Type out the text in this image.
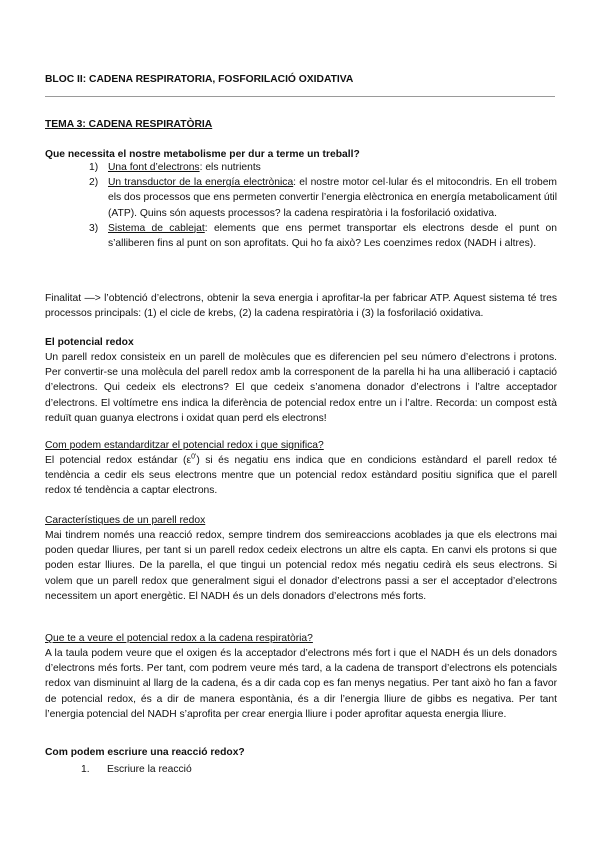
BLOC II: CADENA RESPIRATORIA, FOSFORILACIÓ OXIDATIVA
TEMA 3: CADENA RESPIRATÒRIA
Que necessita el nostre metabolisme per dur a terme un treball?
1) Una font d’electrons: els nutrients
2) Un transductor de la energía electrònica: el nostre motor cel·lular és el mitocondris. En ell trobem els dos processos que ens permeten convertir l’energia elèctronica en energía metabolicament útil (ATP). Quins són aquests processos? la cadena respiratòria i la fosforilació oxidativa.
3) Sistema de cablejat: elements que ens permet transportar els electrons desde el punt on s’alliberen fins al punt on son aprofitats. Qui ho fa això? Les coenzimes redox (NADH i altres).
Finalitat —> l’obtenció d’electrons, obtenir la seva energia i aprofitar-la per fabricar ATP. Aquest sistema té tres processos principals: (1) el cicle de krebs, (2) la cadena respiratòria i (3) la fosforilació oxidativa.
El potencial redox
Un parell redox consisteix en un parell de molècules que es diferencien pel seu número d’electrons i protons. Per convertir-se una molècula del parell redox amb la corresponent de la parella hi ha una alliberació i captació d’electrons. Qui cedeix els electrons? El que cedeix s’anomena donador d’electrons i l’altre acceptador d’electrons. El voltímetre ens indica la diferència de potencial redox entre un i l’altre. Recorda: un compost està reduït quan guanya electrons i oxidat quan perd els electrons!
Com podem estandarditzar el potencial redox i que significa?
El potencial redox estándar $(\varepsilon^{0'})$ si és negatiu ens indica que en condicions estàndard el parell redox té tendència a cedir els seus electrons mentre que un potencial redox estàndard positiu significa que el parell redox té tendència a captar electrons.
Característiques de un parell redox
Mai tindrem només una reacció redox, sempre tindrem dos semireaccions acoblades ja que els electrons mai poden quedar lliures, per tant si un parell redox cedeix electrons un altre els capta. En canvi els protons si que poden estar lliures. De la parella, el que tingui un potencial redox més negatiu cedirà els seus electrons. Si volem que un parell redox que generalment sigui el donador d’electrons passi a ser el acceptador d’electrons necessitem un aport energètic. El NADH és un dels donadors d’electrons més forts.
Que te a veure el potencial redox a la cadena respiratòria?
A la taula podem veure que el oxigen és la acceptador d’electrons més fort i que el NADH és un dels donadors d’electrons més forts. Per tant, com podrem veure més tard, a la cadena de transport d’electrons els potencials redox van disminuint al llarg de la cadena, és a dir cada cop es fan menys negatius. Per tant això ho fan a favor de potencial redox, és a dir de manera espontània, és a dir l’energia lliure de gibbs es negativa. Per tant l’energia potencial del NADH s’aprofita per crear energia lliure i poder aprofitar aquesta energia lliure.
Com podem escriure una reacció redox?
1. Escriure la reacció
